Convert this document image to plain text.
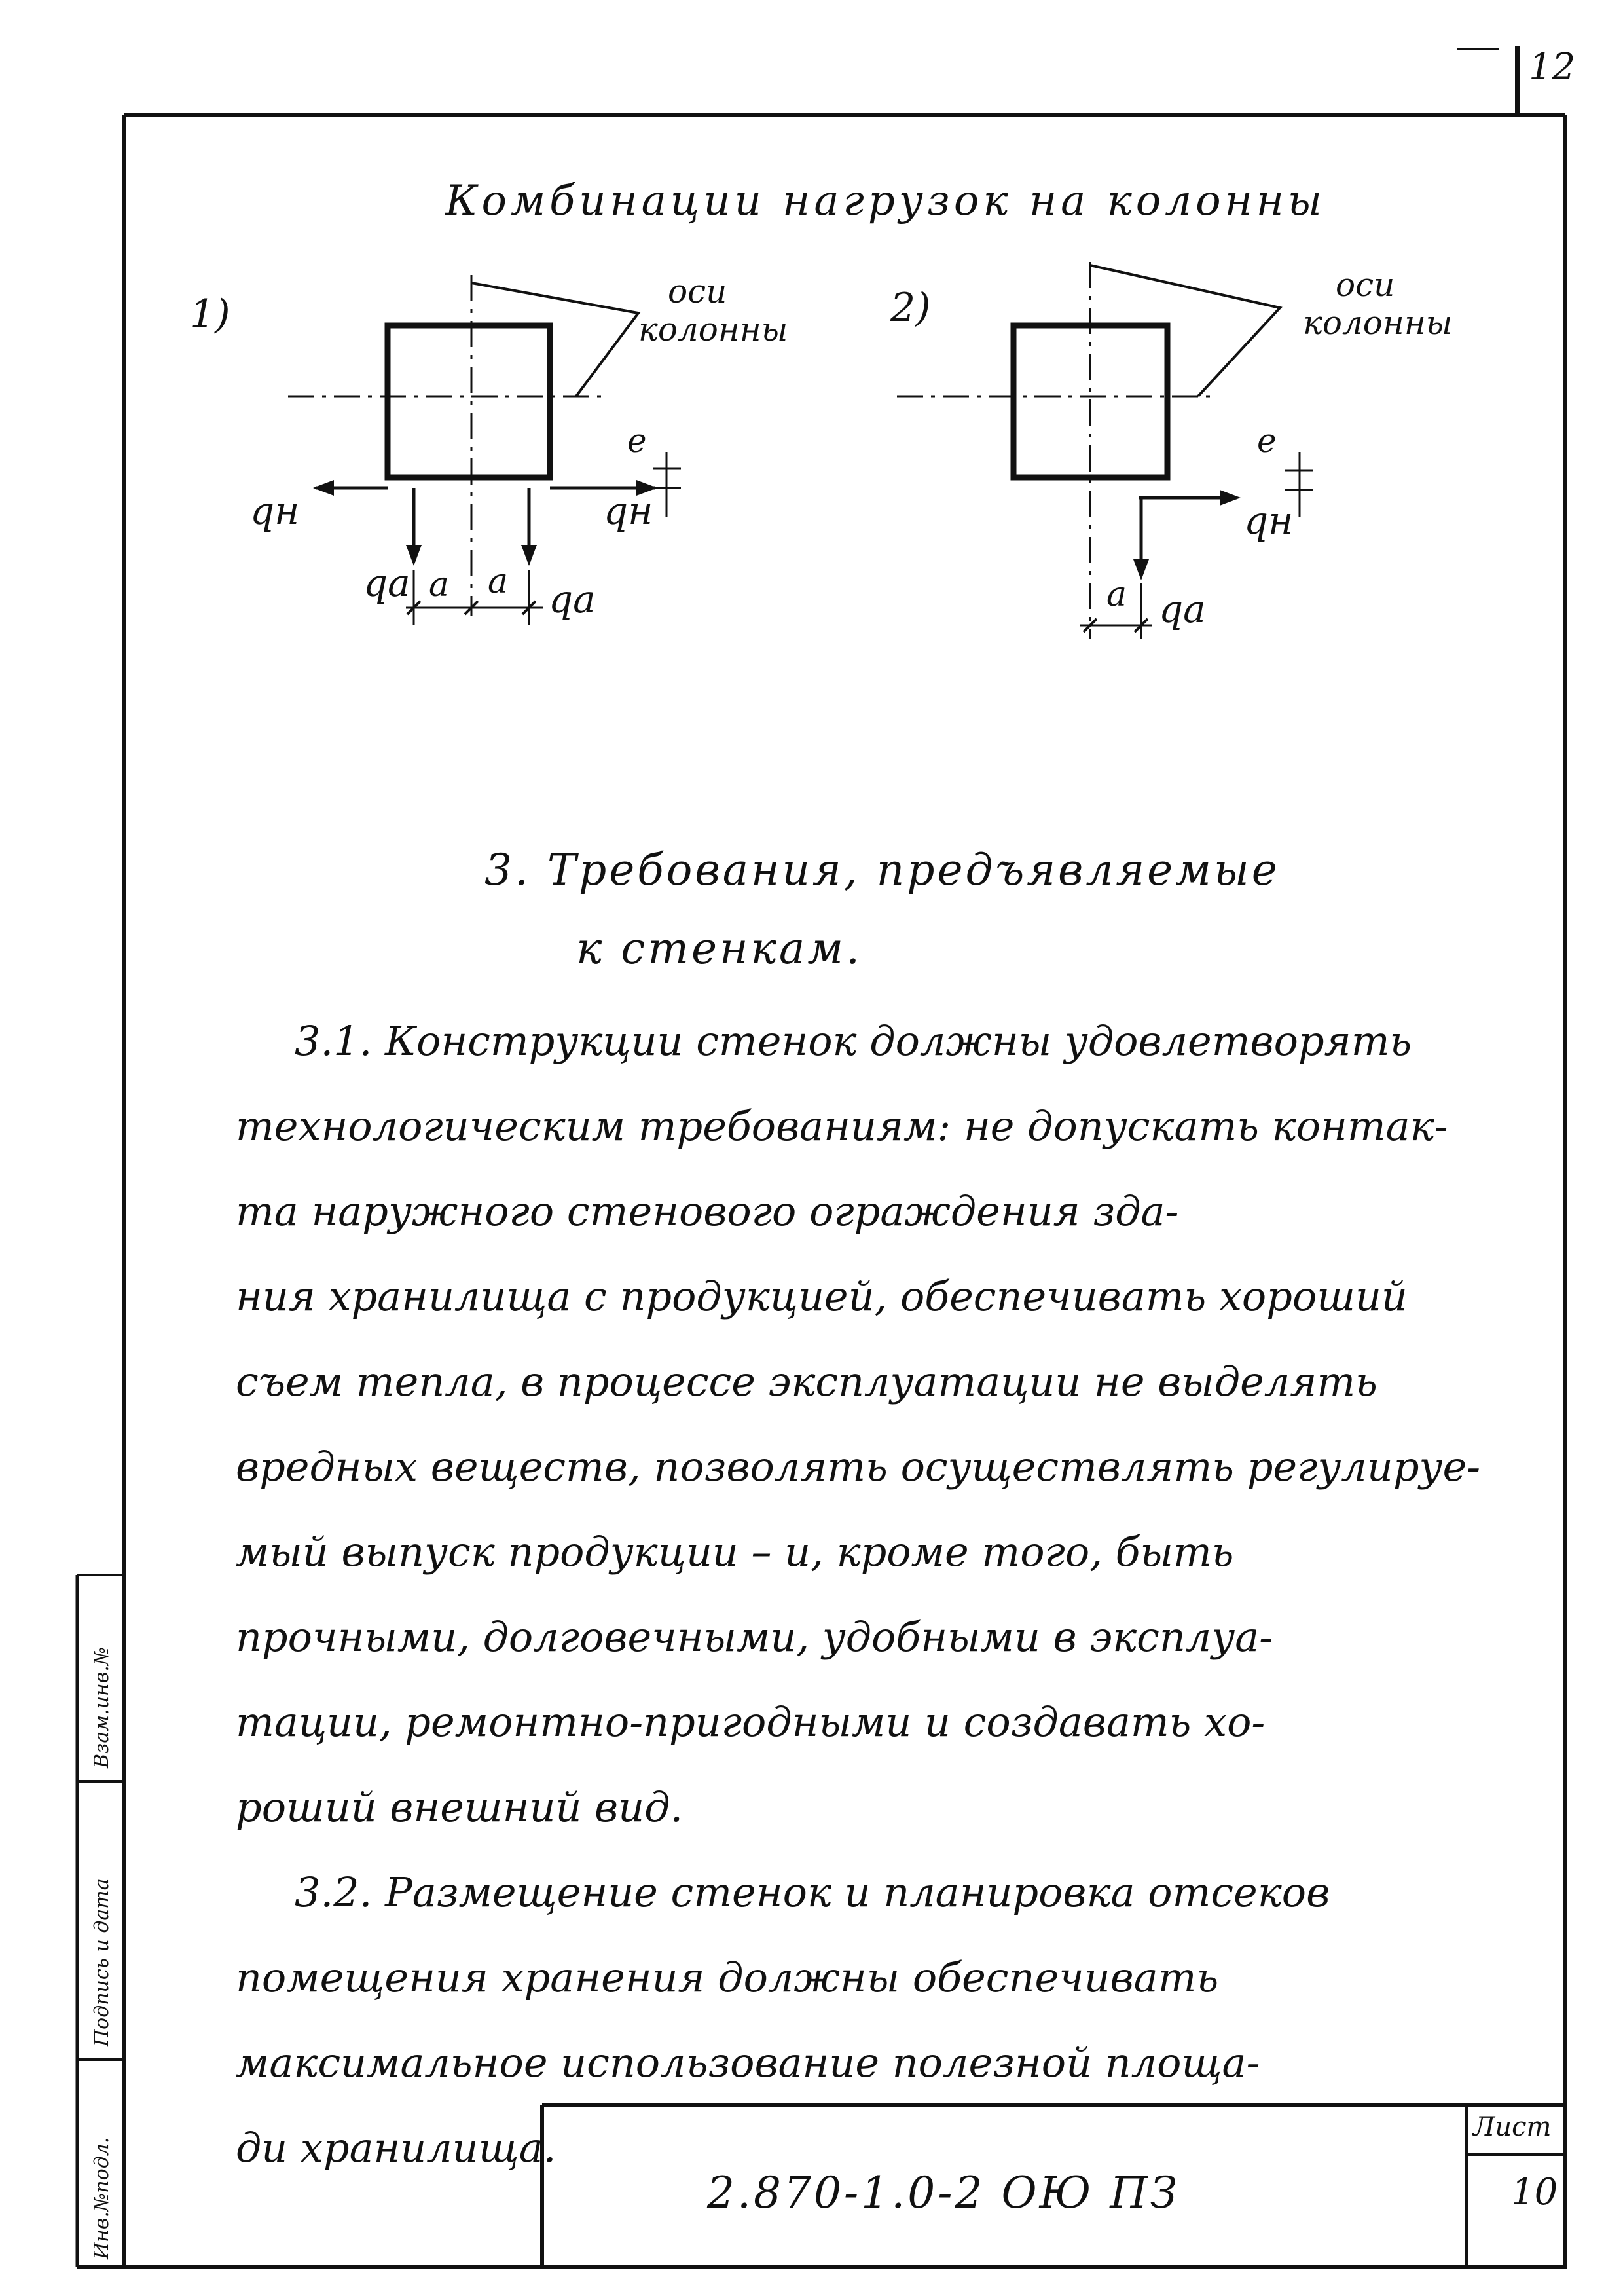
1)	оси
колонны
qн	qн
qa	qa
a a
e
2)	оси
колонны
qн
qa
a
e
12
Комбинации нагрузок на колонны
3. Требования, предъявляемые
к стенкам.
3.1. Конструкции стенок должны удовлетворять
технологическим требованиям: не допускать контак-
та наружного стенового ограждения зда-
ния хранилища с продукцией, обеспечивать хороший
съем тепла, в процессе эксплуатации не выделять
вредных веществ, позволять осуществлять регулируе-
мый выпуск продукции – и, кроме того, быть
прочными, долговечными, удобными в эксплуа-
тации, ремонтно-пригодными и создавать хо-
роший внешний вид.
3.2. Размещение стенок и планировка отсеков
помещения хранения должны обеспечивать
максимальное использование полезной площа-
ди хранилища.
2.870-1.0-2 ОЮ ПЗ
Лист
10
Инв.№подл.
Подпись и дата
Взам.инв.№
